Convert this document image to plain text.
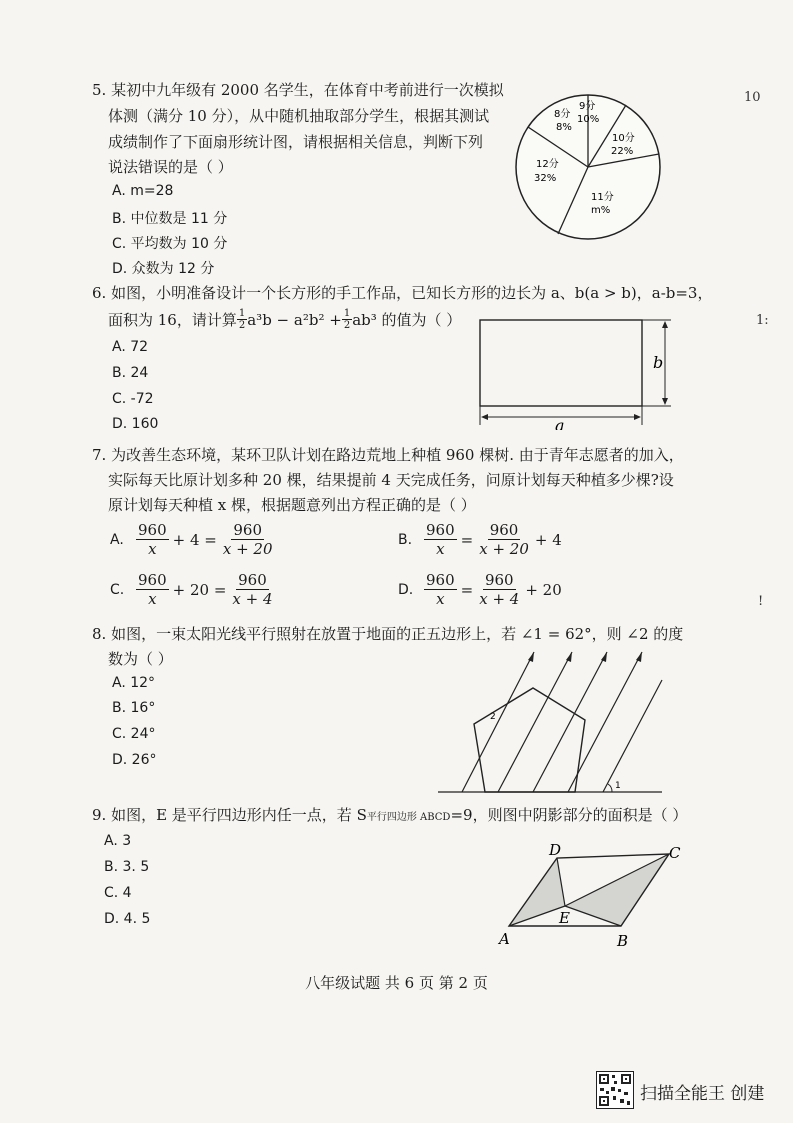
5. 某初中九年级有 2000 名学生，在体育中考前进行一次模拟
体测（满分 10 分），从中随机抽取部分学生，根据其测试
成绩制作了下面扇形统计图，请根据相关信息，判断下列
说法错误的是（ ）
A. m=28
B. 中位数是 11 分
C. 平均数为 10 分
D. 众数为 12 分
9分
10%
10分
22%
11分
m%
12分
32%
8分
8%
6. 如图，小明准备设计一个长方形的手工作品，已知长方形的边长为 a、b(a > b)，a-b=3，
面积为 16，请计算 $\frac{1}{2} a^3b - a^2b^2 + \frac{1}{2} ab^3$ 的值为（ ）
A. 72
B. 24
C. -72
D. 160
b
a
7. 为改善生态环境，某环卫队计划在路边荒地上种植 960 棵树. 由于青年志愿者的加入，
实际每天比原计划多种 20 棵，结果提前 4 天完成任务，问原计划每天种植多少棵?设
原计划每天种植 x 棵，根据题意列出方程正确的是（ ）
A. $\frac{960}{x} + 4 = \frac{960}{x + 20}$	B. $\frac{960}{x} = \frac{960}{x + 20} + 4$
C. $\frac{960}{x} + 20 = \frac{960}{x + 4}$	D. $\frac{960}{x} = \frac{960}{x + 4} + 20$
8. 如图，一束太阳光线平行照射在放置于地面的正五边形上，若 ∠1 = 62°，则 ∠2 的度
数为（ ）
A. 12°
B. 16°
C. 24°
D. 26°
1
2
9. 如图，E 是平行四边形内任一点，若 S 平行四边形 ABCD =9，则图中阴影部分的面积是（ ）
A. 3
B. 3. 5
C. 4
D. 4. 5
D	C
E
A	B
八年级试题 共 6 页 第 2 页
10
1:
!
扫描全能王 创建
